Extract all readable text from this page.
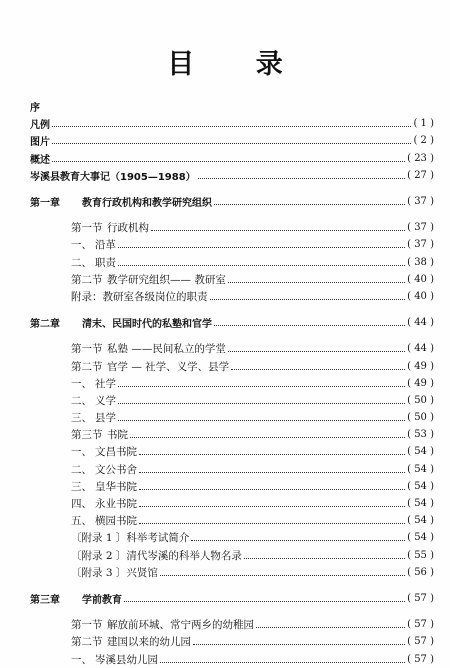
目 录
序
凡例	( 1 )
图片	( 2 )
概述	( 23 )
岑溪县教育大事记（1905—1988）	( 27 )
第一章	教育行政机构和教学研究组织	( 37 )
第一节 行政机构	( 37 )
一、 沿革	( 37 )
二、 职责	( 38 )
第二节 教学研究组织—— 教研室	( 40 )
附录：教研室各级岗位的职责	( 40 )
第二章	清末、民国时代的私塾和官学	( 44 )
第一节 私塾 ——民间私立的学堂	( 44 )
第二节 官学 — 社学、义学、县学	( 49 )
一、 社学	( 49 )
二、 义学	( 50 )
三、 县学	( 50 )
第三节 书院	( 53 )
一、 文昌书院	( 54 )
二、 文公书舍	( 54 )
三、 皇华书院	( 54 )
四、 永业书院	( 54 )
五、 横园书院	( 54 )
〔附录 1 〕科举考试简介	( 54 )
〔附录 2 〕清代岑溪的科举人物名录	( 55 )
〔附录 3 〕兴贤馆	( 56 )
第三章	学前教育	( 57 )
第一节 解放前环城、常宁两乡的幼稚园	( 57 )
第二节 建国以来的幼儿园	( 57 )
一、 岑溪县幼儿园	( 57 )
